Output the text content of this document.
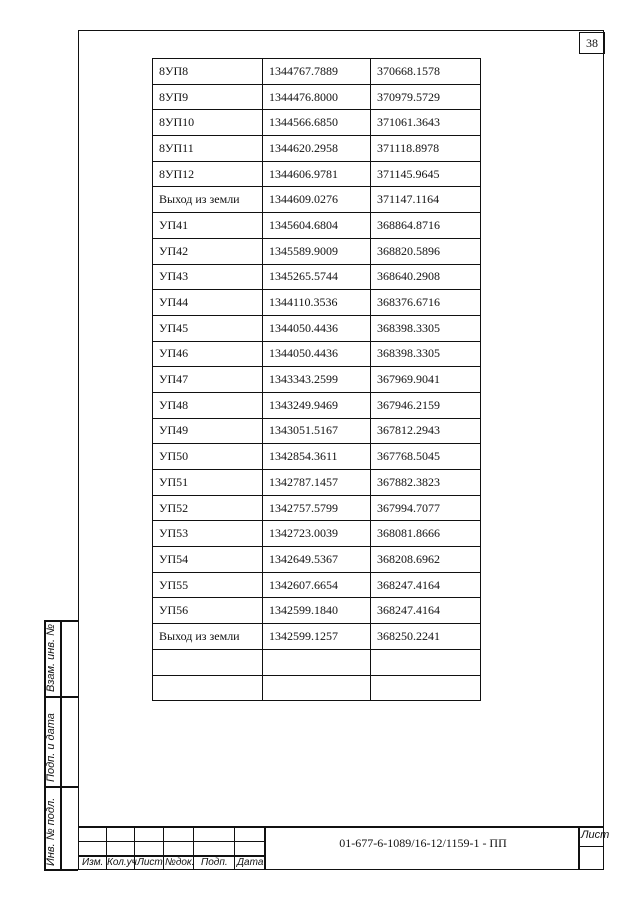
38
8УП8	1344767.7889	370668.1578
8УП9	1344476.8000	370979.5729
8УП10	1344566.6850	371061.3643
8УП11	1344620.2958	371118.8978
8УП12	1344606.9781	371145.9645
Выход из земли	1344609.0276	371147.1164
УП41	1345604.6804	368864.8716
УП42	1345589.9009	368820.5896
УП43	1345265.5744	368640.2908
УП44	1344110.3536	368376.6716
УП45	1344050.4436	368398.3305
УП46	1344050.4436	368398.3305
УП47	1343343.2599	367969.9041
УП48	1343249.9469	367946.2159
УП49	1343051.5167	367812.2943
УП50	1342854.3611	367768.5045
УП51	1342787.1457	367882.3823
УП52	1342757.5799	367994.7077
УП53	1342723.0039	368081.8666
УП54	1342649.5367	368208.6962
УП55	1342607.6654	368247.4164
УП56	1342599.1840	368247.4164
Выход из земли	1342599.1257	368250.2241

Взам. инв. №
Подп. и дата
Инв. № подл.	Изм. Кол.уч Лист №док. Подп. Дата
01-677-6-1089/16-12/1159-1 - ПП
Лист
